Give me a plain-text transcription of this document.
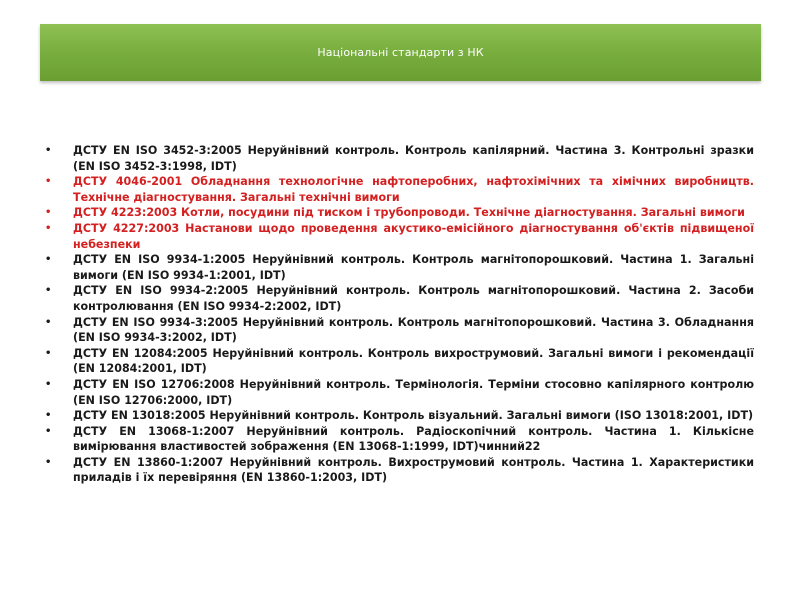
Національні стандарти з НК
• ДСТУ EN ISO 3452-3:2005 Неруйнівний контроль. Контроль капілярний. Частина 3. Контрольні зразки (EN ISO 3452-3:1998, IDT)
• ДСТУ 4046-2001 Обладнання технологічне нафтоперобних, нафтохімічних та хімічних виробництв. Технічне діагностування. Загальні технічні вимоги
• ДСТУ 4223:2003 Котли, посудини під тиском і трубопроводи. Технічне діагностування. Загальні вимоги
• ДСТУ 4227:2003 Настанови щодо проведення акустико-емісійного діагностування об'єктів підвищеної небезпеки
• ДСТУ EN ISO 9934-1:2005 Неруйнівний контроль. Контроль магнітопорошковий. Частина 1. Загальні вимоги (EN ISO 9934-1:2001, IDT)
• ДСТУ EN ISO 9934-2:2005 Неруйнівний контроль. Контроль магнітопорошковий. Частина 2. Засоби контролювання (EN ISO 9934-2:2002, IDT)
• ДСТУ EN ISO 9934-3:2005 Неруйнівний контроль. Контроль магнітопорошковий. Частина 3. Обладнання (EN ISO 9934-3:2002, IDT)
• ДСТУ EN 12084:2005 Неруйнівний контроль. Контроль вихрострумовий. Загальні вимоги і рекомендації (EN 12084:2001, IDT)
• ДСТУ EN ISO 12706:2008 Неруйнівний контроль. Термінологія. Терміни стосовно капілярного контролю (EN ISO 12706:2000, IDT)
• ДСТУ EN 13018:2005 Неруйнівний контроль. Контроль візуальний. Загальні вимоги (ISO 13018:2001, IDT)
• ДСТУ EN 13068-1:2007 Неруйнівний контроль. Радіоскопічний контроль. Частина 1. Кількісне вимірювання властивостей зображення (EN 13068-1:1999, IDT)чинний22
• ДСТУ EN 13860-1:2007 Неруйнівний контроль. Вихрострумовий контроль. Частина 1. Характеристики приладів і їх перевіряння (EN 13860-1:2003, IDT)
